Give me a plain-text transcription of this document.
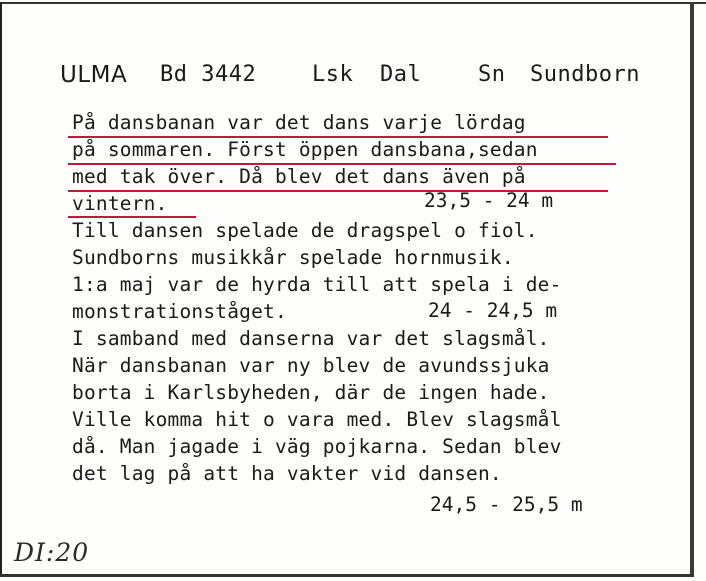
ULMA Bd 3442	Lsk Dal	Sn Sundborn
På dansbanan var det dans varje lördag
på sommaren. Först öppen dansbana,sedan
med tak över. Då blev det dans även på
vintern.	23,5 - 24 m
Till dansen spelade de dragspel o fiol.
Sundborns musikkår spelade hornmusik.
1:a maj var de hyrda till att spela i de-
monstrationståget.	24 - 24,5 m
I samband med danserna var det slagsmål.
När dansbanan var ny blev de avundssjuka
borta i Karlsbyheden, där de ingen hade.
Ville komma hit o vara med. Blev slagsmål
då. Man jagade i väg pojkarna. Sedan blev
det lag på att ha vakter vid dansen.
24,5 - 25,5 m
DI:20
